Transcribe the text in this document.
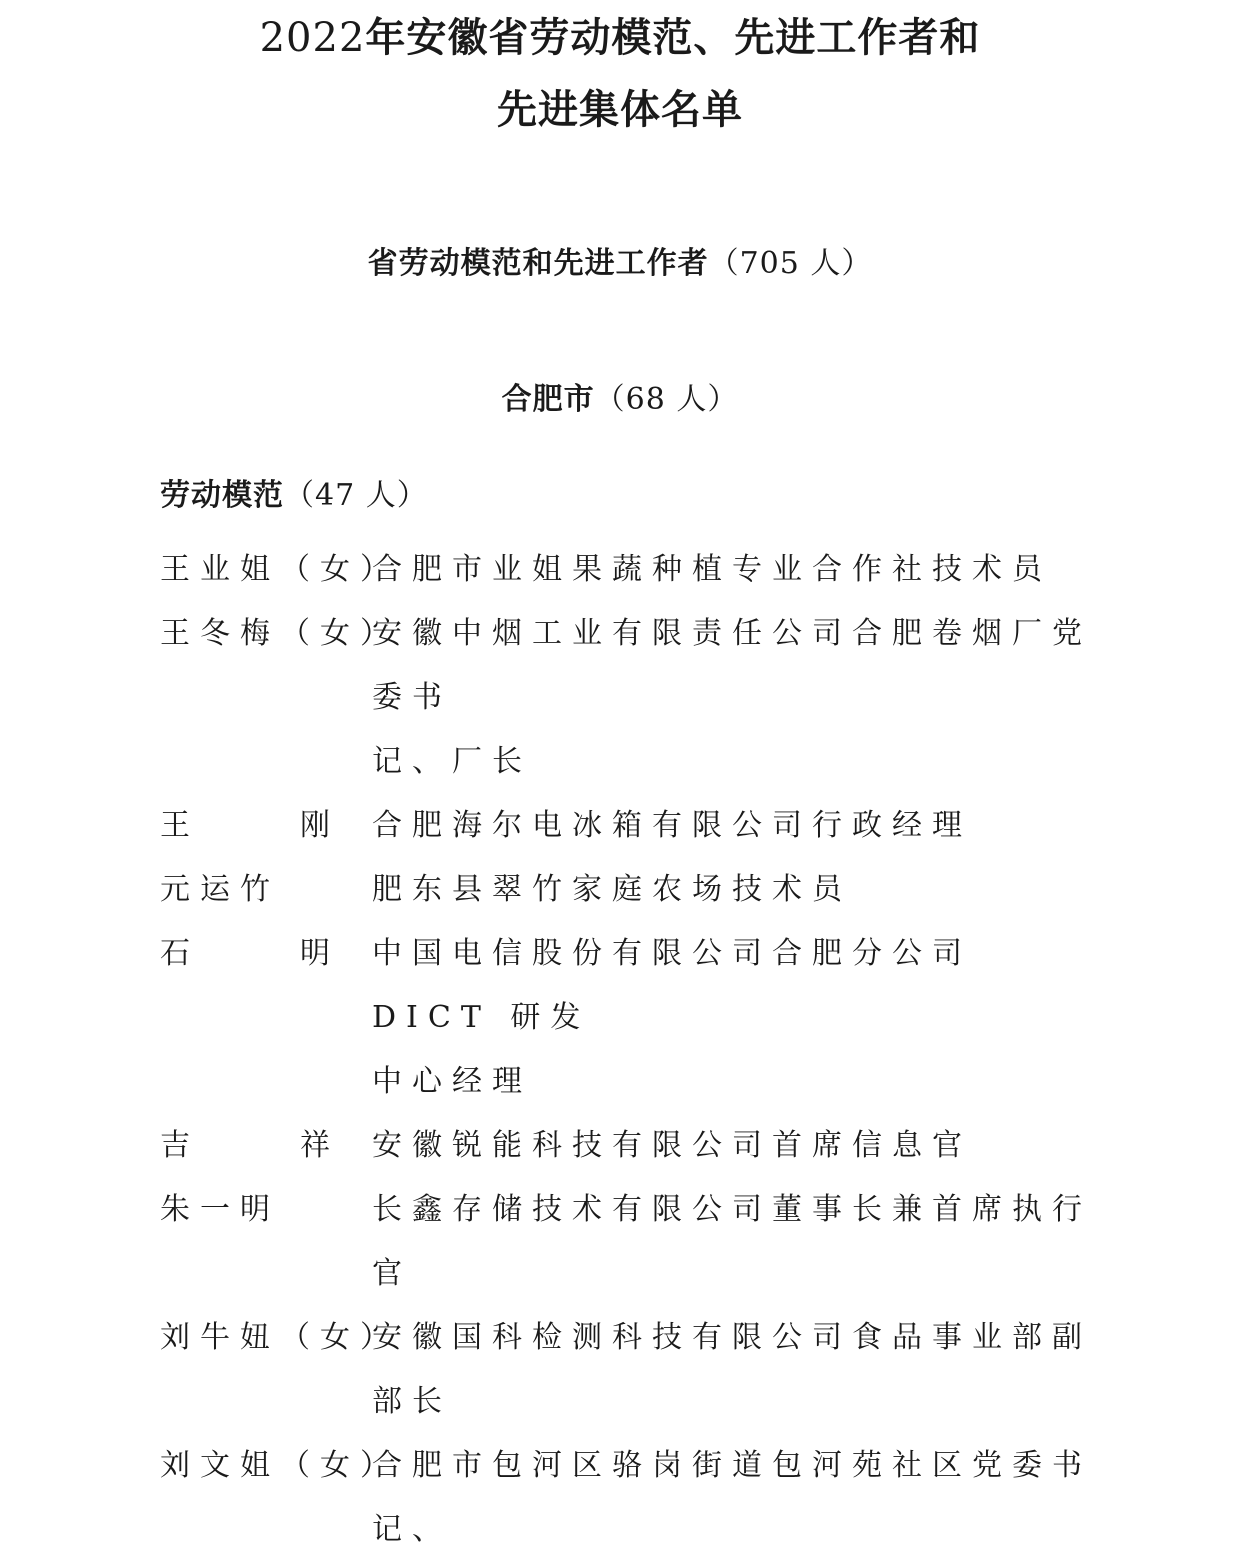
2022年安徽省劳动模范、先进工作者和
先进集体名单
省劳动模范和先进工作者（705 人）
合肥市（68 人）
劳动模范（47 人）
王业姐（女）
合肥市业姐果蔬种植专业合作社技术员
王冬梅（女）
安徽中烟工业有限责任公司合肥卷烟厂党委书
记、厂长
王　刚 合肥海尔电冰箱有限公司行政经理
元运竹	肥东县翠竹家庭农场技术员
石　明 中国电信股份有限公司合肥分公司 DICT 研发
中心经理
吉　祥 安徽锐能科技有限公司首席信息官
朱一明	长鑫存储技术有限公司董事长兼首席执行官
刘牛妞（女）
安徽国科检测科技有限公司食品事业部副部长
刘文姐（女）
合肥市包河区骆岗街道包河苑社区党委书记、
